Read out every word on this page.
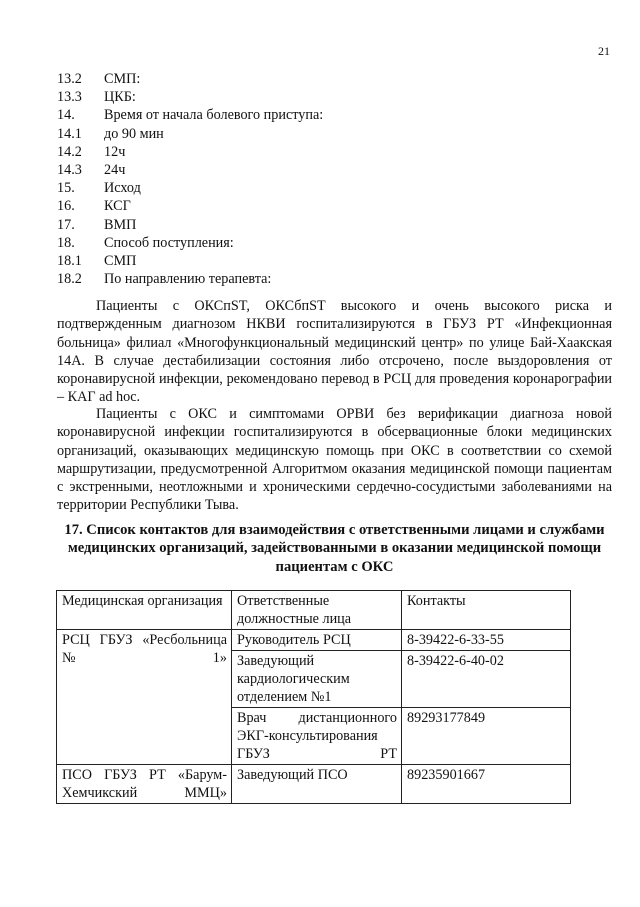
21
13.2	СМП:
13.3	ЦКБ:
14.	Время от начала болевого приступа:
14.1	до 90 мин
14.2	12ч
14.3	24ч
15.	Исход
16.	КСГ
17.	ВМП
18.	Способ поступления:
18.1	СМП
18.2	По направлению терапевта:

Пациенты с ОКСпST, ОКСбпST высокого и очень высокого риска и подтвержденным диагнозом НКВИ госпитализируются в ГБУЗ РТ «Инфекционная больница» филиал «Многофункциональный медицинский центр» по улице Бай-Хаакская 14А. В случае дестабилизации состояния либо отсрочено, после выздоровления от коронавирусной инфекции, рекомендовано перевод в РСЦ для проведения коронарографии – КАГ ad hoc.

Пациенты с ОКС и симптомами ОРВИ без верификации диагноза новой коронавирусной инфекции госпитализируются в обсервационные блоки медицинских организаций, оказывающих медицинскую помощь при ОКС в соответствии со схемой маршрутизации, предусмотренной Алгоритмом оказания медицинской помощи пациентам с экстренными, неотложными и хроническими сердечно-сосудистыми заболеваниями на территории Республики Тыва.

17. Список контактов для взаимодействия с ответственными лицами и службами медицинских организаций, задействованными в оказании медицинской помощи пациентам с ОКС
Медицинская организация	Ответственные должностные лица	Контакты

РСЦ ГБУЗ «Ресбольница № 1»	Руководитель РСЦ	8-39422-6-33-55
	Заведующий кардиологическим отделением №1	8-39422-6-40-02

	Врач дистанционного ЭКГ-консультирования ГБУЗ РТ	89293177849

ПСО ГБУЗ РТ «Барум-Хемчикский ММЦ»	Заведующий ПСО	89235901667
